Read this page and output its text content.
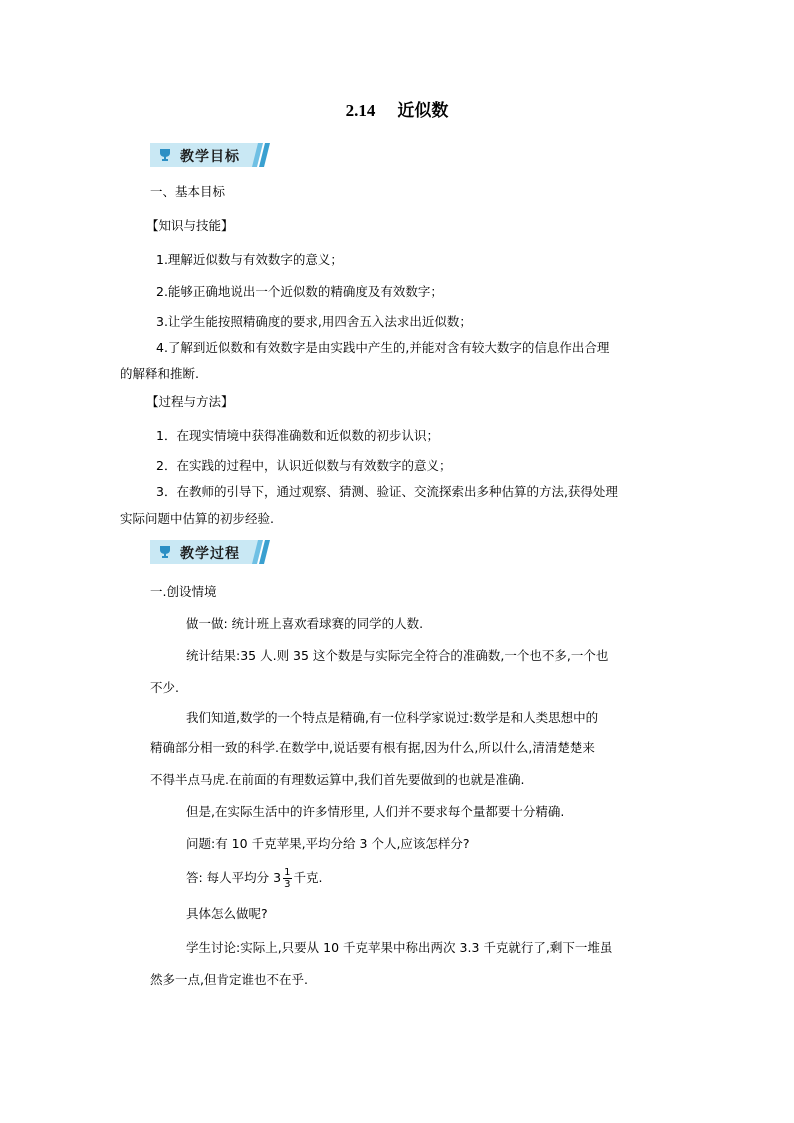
2.14 近似数
教学目标
一、基本目标
【知识与技能】
1.理解近似数与有效数字的意义；
2.能够正确地说出一个近似数的精确度及有效数字；
3.让学生能按照精确度的要求,用四舍五入法求出近似数；
4.了解到近似数和有效数字是由实践中产生的,并能对含有较大数字的信息作出合理
的解释和推断.
【过程与方法】
1．在现实情境中获得准确数和近似数的初步认识；
2．在实践的过程中，认识近似数与有效数字的意义；
3．在教师的引导下，通过观察、猜测、验证、交流探索出多种估算的方法,获得处理
实际问题中估算的初步经验.
教学过程
一.创设情境
做一做: 统计班上喜欢看球赛的同学的人数.
统计结果:35 人.则 35 这个数是与实际完全符合的准确数,一个也不多,一个也
不少.
我们知道,数学的一个特点是精确,有一位科学家说过:数学是和人类思想中的
精确部分相一致的科学.在数学中,说话要有根有据,因为什么,所以什么,清清楚楚来
不得半点马虎.在前面的有理数运算中,我们首先要做到的也就是准确.
但是,在实际生活中的许多情形里, 人们并不要求每个量都要十分精确.
问题:有 10 千克苹果,平均分给 3 个人,应该怎样分?
答: 每人平均分 $3 \frac{1}{3}$ 千克.
具体怎么做呢?
学生讨论:实际上,只要从 10 千克苹果中称出两次 3.3 千克就行了,剩下一堆虽
然多一点,但肯定谁也不在乎.
